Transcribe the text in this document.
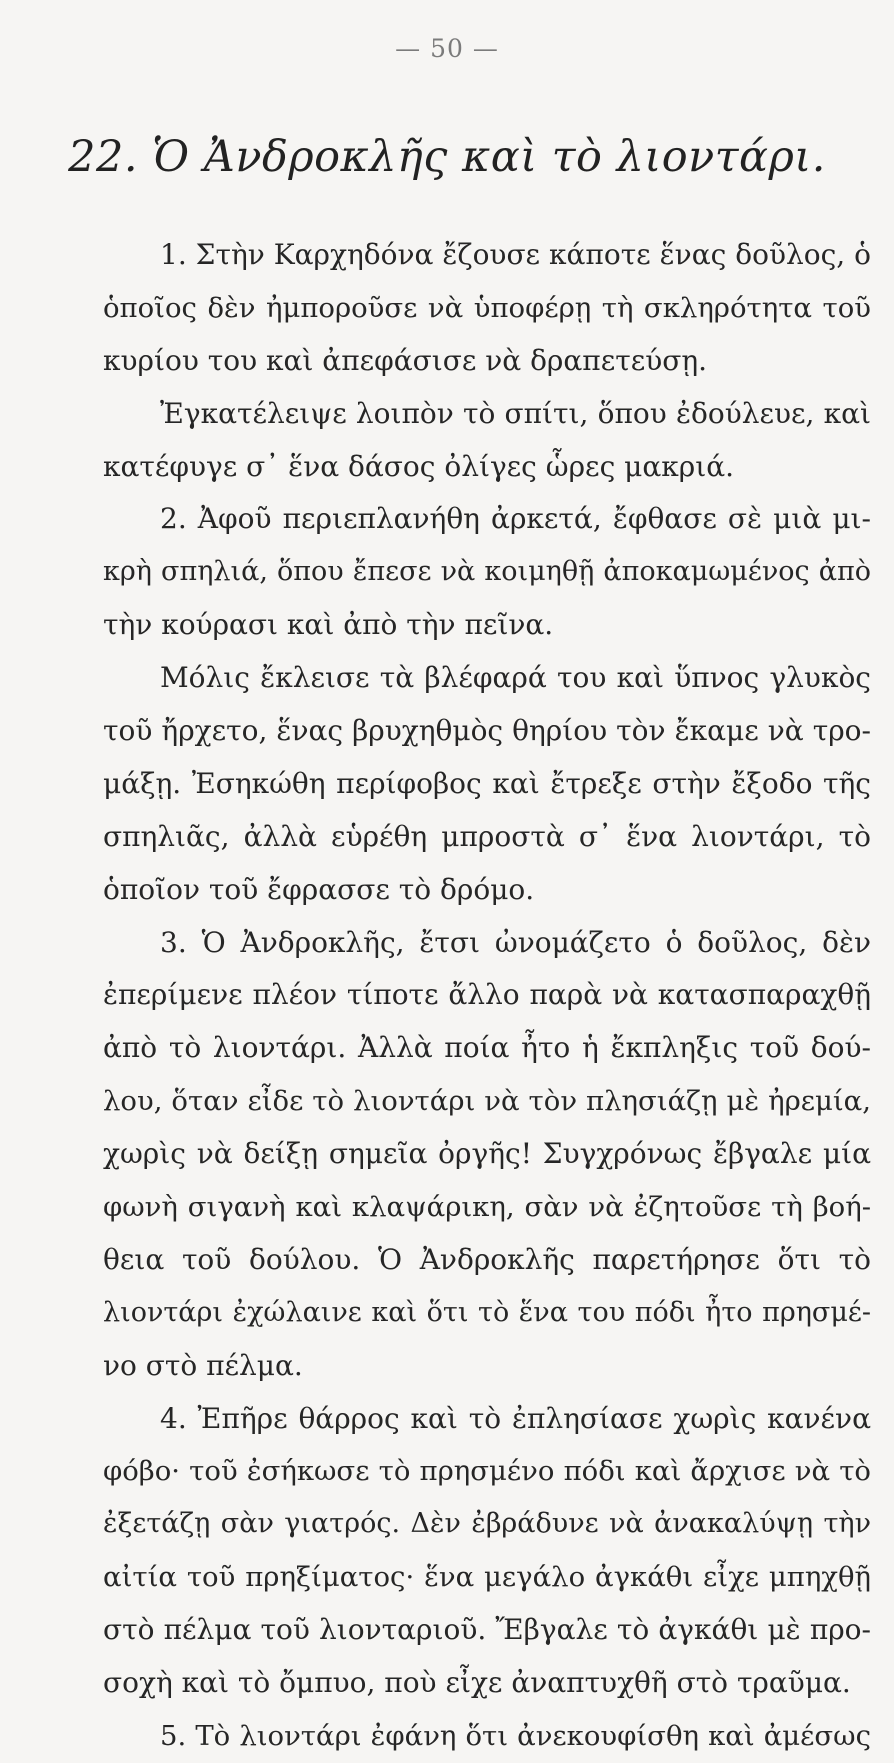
— 50 —
22. Ὁ Ἀνδροκλῆς καὶ τὸ λιοντάρι.
1. Στὴν Καρχηδόνα ἔζουσε κάποτε ἕνας δοῦλος, ὁ
ὁποῖος δὲν ἠμποροῦσε νὰ ὑποφέρῃ τὴ σκληρότητα τοῦ
κυρίου του καὶ ἀπεφάσισε νὰ δραπετεύσῃ.
Ἐγκατέλειψε λοιπὸν τὸ σπίτι, ὅπου ἐδούλευε, καὶ
κατέφυγε σ᾽ ἕνα δάσος ὀλίγες ὧρες μακριά.
2. Ἀφοῦ περιεπλανήθη ἀρκετά, ἔφθασε σὲ μιὰ μι-
κρὴ σπηλιά, ὅπου ἔπεσε νὰ κοιμηθῇ ἀποκαμωμένος ἀπὸ
τὴν κούρασι καὶ ἀπὸ τὴν πεῖνα.
Μόλις ἔκλεισε τὰ βλέφαρά του καὶ ὕπνος γλυκὸς
τοῦ ἤρχετο, ἕνας βρυχηθμὸς θηρίου τὸν ἔκαμε νὰ τρο-
μάξῃ. Ἐσηκώθη περίφοβος καὶ ἔτρεξε στὴν ἔξοδο τῆς
σπηλιᾶς, ἀλλὰ εὑρέθη μπροστὰ σ᾽ ἕνα λιοντάρι, τὸ
ὁποῖον τοῦ ἔφρασσε τὸ δρόμο.
3. Ὁ Ἀνδροκλῆς, ἔτσι ὠνομάζετο ὁ δοῦλος, δὲν
ἐπερίμενε πλέον τίποτε ἄλλο παρὰ νὰ κατασπαραχθῇ
ἀπὸ τὸ λιοντάρι. Ἀλλὰ ποία ἦτο ἡ ἔκπληξις τοῦ δού-
λου, ὅταν εἶδε τὸ λιοντάρι νὰ τὸν πλησιάζῃ μὲ ἠρεμία,
χωρὶς νὰ δείξῃ σημεῖα ὀργῆς! Συγχρόνως ἔβγαλε μία
φωνὴ σιγανὴ καὶ κλαψάρικη, σὰν νὰ ἐζητοῦσε τὴ βοή-
θεια τοῦ δούλου. Ὁ Ἀνδροκλῆς παρετήρησε ὅτι τὸ
λιοντάρι ἐχώλαινε καὶ ὅτι τὸ ἕνα του πόδι ἦτο πρησμέ-
νο στὸ πέλμα.
4. Ἐπῆρε θάρρος καὶ τὸ ἐπλησίασε χωρὶς κανένα
φόβο· τοῦ ἐσήκωσε τὸ πρησμένο πόδι καὶ ἄρχισε νὰ τὸ
ἐξετάζῃ σὰν γιατρός. Δὲν ἐβράδυνε νὰ ἀνακαλύψῃ τὴν
αἰτία τοῦ πρηξίματος· ἕνα μεγάλο ἀγκάθι εἶχε μπηχθῇ
στὸ πέλμα τοῦ λιονταριοῦ. Ἔβγαλε τὸ ἀγκάθι μὲ προ-
σοχὴ καὶ τὸ ὄμπυο, ποὺ εἶχε ἀναπτυχθῆ στὸ τραῦμα.
5. Τὸ λιοντάρι ἐφάνη ὅτι ἀνεκουφίσθη καὶ ἀμέσως
